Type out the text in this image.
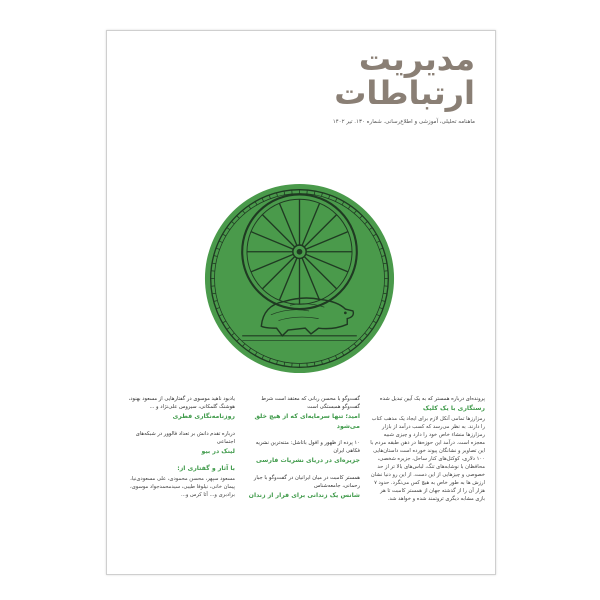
مدیریت
ارتباطات
ماهنامه تحلیلی، آموزشی و اطلاع‌رسانی. شماره ۱۳۰. تیر ۱۴۰۲
پرونده‌ای درباره همستر که به یک آیین تبدیل شده
رستگاری با یک کلیک
رمزارزها تمامی آنکل لازم برای ایجاد یک مذهب کتاب را دارند. به نظر می‌رسد که کسب درآمد از بازار رمزارزها منشاء خاص خود را دارد و چیزی شبیه معجزه است. درآمد این حوزه‌ها در ذهن طبقه مردم با این تصاویر و نشانگان پیوند خورده است داستان‌هایی ۱۰۰ دلاری، کوکتل‌های کنار ساحل، جزیره شخصی، محافظان با نوشابه‌های تنگ، لباس‌های بالا تر از حد خصوصی و چیزهایی از این دست. از این رو دنیا نشان ارزش ها به طور خاص به هیچ کس می‌نگرد. حدود ۷ هزار آن را از گذشته جهان از همستر کامبت تا هر بازی مشابه دیگری ثروتمند شده و خواهد شد.
گفت‌وگو با محسن ربانی که معتقد است شرط گفت‌وگو همبستگی است
امید؛ تنها سرمایه‌ای که از هیچ خلق می‌شود
۱۰ پرده از ظهور و افول باتاشل: متنه‌ترین نشریه فکاهی ایران
جزیره‌ای در دریای نشریات فارسی
همستر کامبت در میان ایرانیان در گفت‌وگو با جبار رحمانی، جامعه‌شناس
شانس یک زندانی برای فرار از زندان
یادبود ناهید موسوی در گفتارهایی از مسعود بهنود، هوشنگ گلمکانی، سیروس علی‌نژاد و ...
روزنامه‌نگاری فطری
درباره تقدم دانش بر تعداد فالوور در شبکه‌های اجتماعی
لینک در بیو
با آثار و گفتاری از:
مسعود سپهر، محسن محمودی، علی مسعودی‌نیا، پیمان خانی، نیلوفا طیبی، سیدمحمدجواد موسوی، برادبری و... آثا کرس و...
